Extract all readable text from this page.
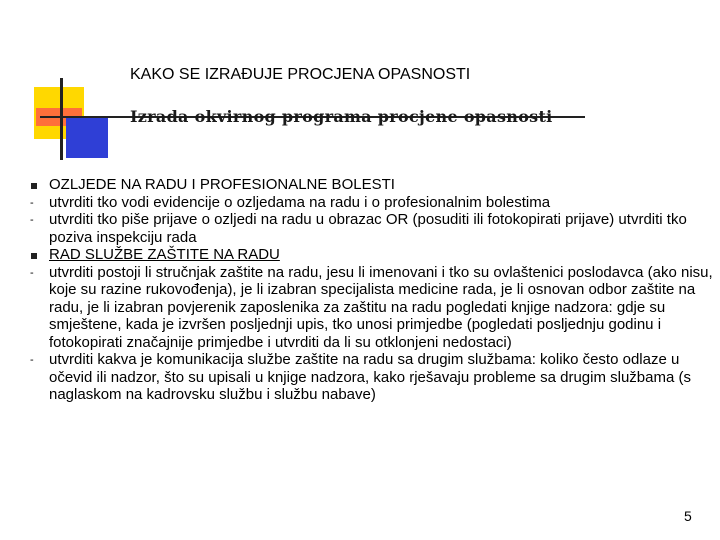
KAKO SE IZRAĐUJE PROCJENA OPASNOSTI
Izrada okvirnog programa procjene opasnosti
OZLJEDE NA RADU I PROFESIONALNE BOLESTI
-	utvrditi tko vodi evidencije o ozljedama na radu i o profesionalnim bolestima
-	utvrditi tko piše prijave o ozljedi na radu u obrazac OR (posuditi ili fotokopirati prijave) utvrditi tko poziva inspekciju rada
RAD SLUŽBE ZAŠTITE NA RADU
-	utvrditi postoji li stručnjak zaštite na radu, jesu li imenovani i tko su ovlaštenici poslodavca (ako nisu, koje su razine rukovođenja), je li izabran specijalista medicine rada, je li osnovan odbor zaštite na radu, je li izabran povjerenik zaposlenika za zaštitu na radu pogledati knjige nadzora: gdje su smještene, kada je izvršen posljednji upis, tko unosi primjedbe (pogledati posljednju godinu i fotokopirati značajnije primjedbe i utvrditi da li su otklonjeni nedostaci)
-	utvrditi kakva je komunikacija službe zaštite na radu sa drugim službama: koliko često odlaze u očevid ili nadzor, što su upisali u knjige nadzora, kako rješavaju probleme sa drugim službama (s naglaskom na kadrovsku službu i službu nabave)
5
